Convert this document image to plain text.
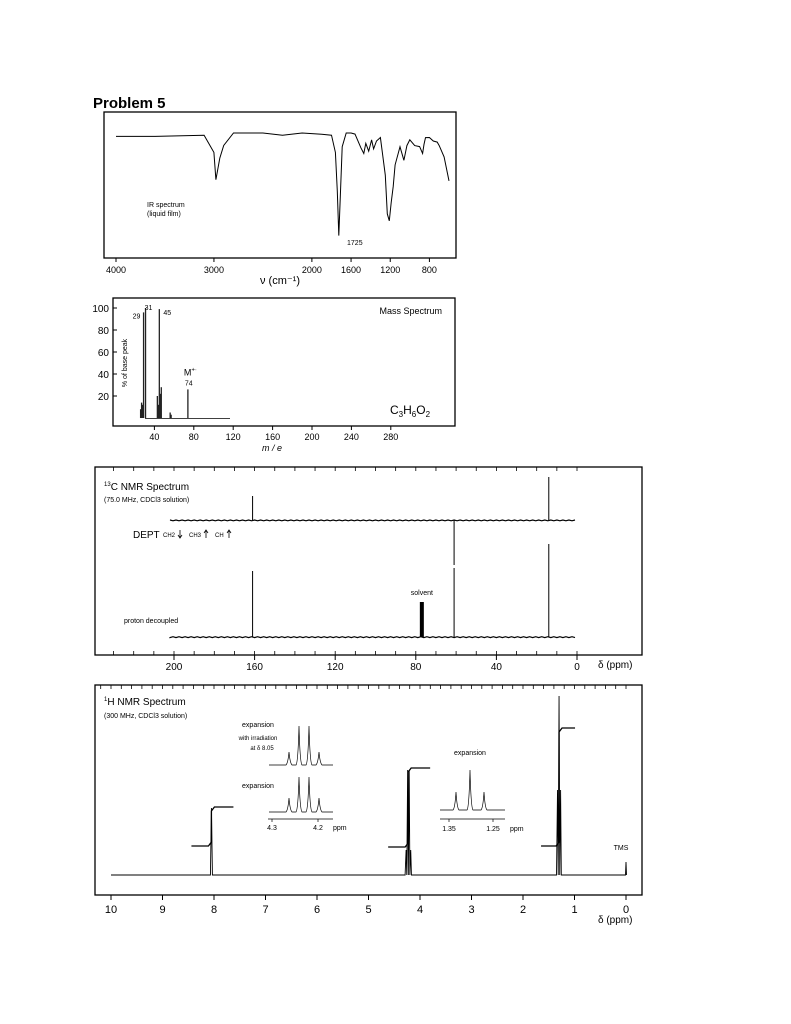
Problem 5
4000	3000	2000 1600 1200 800
IR spectrum
(liquid film)
1725
ν (cm⁻¹)
40	80	120	160	200	240	280
20
40
60
80
100	Mass Spectrum
29
31
45
M+·
74
$C_3H_6O_2$
m / e
% of base peak
200	160	120	80	40	0
$^{13}$C NMR Spectrum
(75.0 MHz, CDCl3 solution)
DEPT CH2 CH3 CH
proton decoupled
solvent
δ (ppm)
10	9	8	7	6	5	4	3	2	1	0
$^1$H NMR Spectrum
(300 MHz, CDCl3 solution)
TMS
expansion
with irradiation
at δ 8.05
expansion
4.3	4.2 ppm
expansion
1.35	1.25 ppm
δ (ppm)
